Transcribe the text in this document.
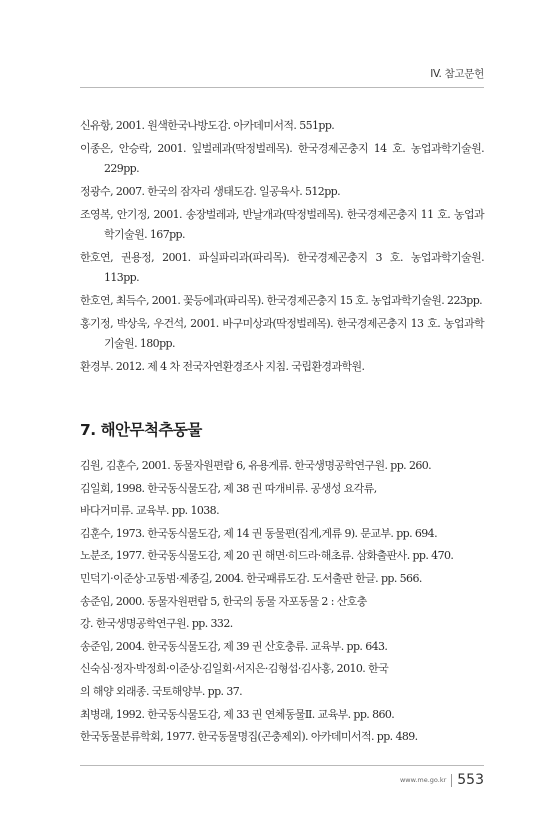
IV. 참고문헌
신유항, 2001. 원색한국나방도감. 아카데미서적. 551pp.
이종은, 안승락, 2001. 잎벌레과(딱정벌레목). 한국경제곤충지 14 호. 농업과학기술원. 229pp.
정광수, 2007. 한국의 잠자리 생태도감. 일공육사. 512pp.
조영복, 안기정, 2001. 송장벌레과, 반날개과(딱정벌레목). 한국경제곤충지 11 호. 농업과학기술원. 167pp.
한호연, 권용정, 2001. 파실파리과(파리목). 한국경제곤충지 3 호. 농업과학기술원. 113pp.
한호연, 최득수, 2001. 꽃등에과(파리목). 한국경제곤충지 15 호. 농업과학기술원. 223pp.
홍기정, 박상욱, 우건석, 2001. 바구미상과(딱정벌레목). 한국경제곤충지 13 호. 농업과학기술원. 180pp.
환경부. 2012. 제 4 차 전국자연환경조사 지침. 국립환경과학원.
7. 해안무척추동물
김원, 김훈수, 2001. 동물자원편람 6, 유용게류. 한국생명공학연구원. pp. 260.
김일회, 1998. 한국동식물도감, 제 38 권 따개비류. 공생성 요각류,
바다거미류. 교육부. pp. 1038.
김훈수, 1973. 한국동식물도감, 제 14 권 동물편(집게,게류 9). 문교부. pp. 694.
노분조, 1977. 한국동식물도감, 제 20 권 해면·히드라·해초류. 삼화출판사. pp. 470.
민덕기·이준상·고동범·제종길, 2004. 한국패류도감. 도서출판 한글. pp. 566.
송준임, 2000. 동물자원편람 5, 한국의 동물 자포동물 2 : 산호충
강. 한국생명공학연구원. pp. 332.
송준임, 2004. 한국동식물도감, 제 39 권 산호충류. 교육부. pp. 643.
신숙심·정자·박정희·이준상·김일회·서지은·김형섭·김사홍, 2010. 한국
의 해양 외래종. 국토해양부. pp. 37.
최병래, 1992. 한국동식물도감, 제 33 권 연체동물Ⅱ. 교육부. pp. 860.
한국동물분류학회, 1977. 한국동물명집(곤충제외). 아카데미서적. pp. 489.
www.me.go.kr 553
